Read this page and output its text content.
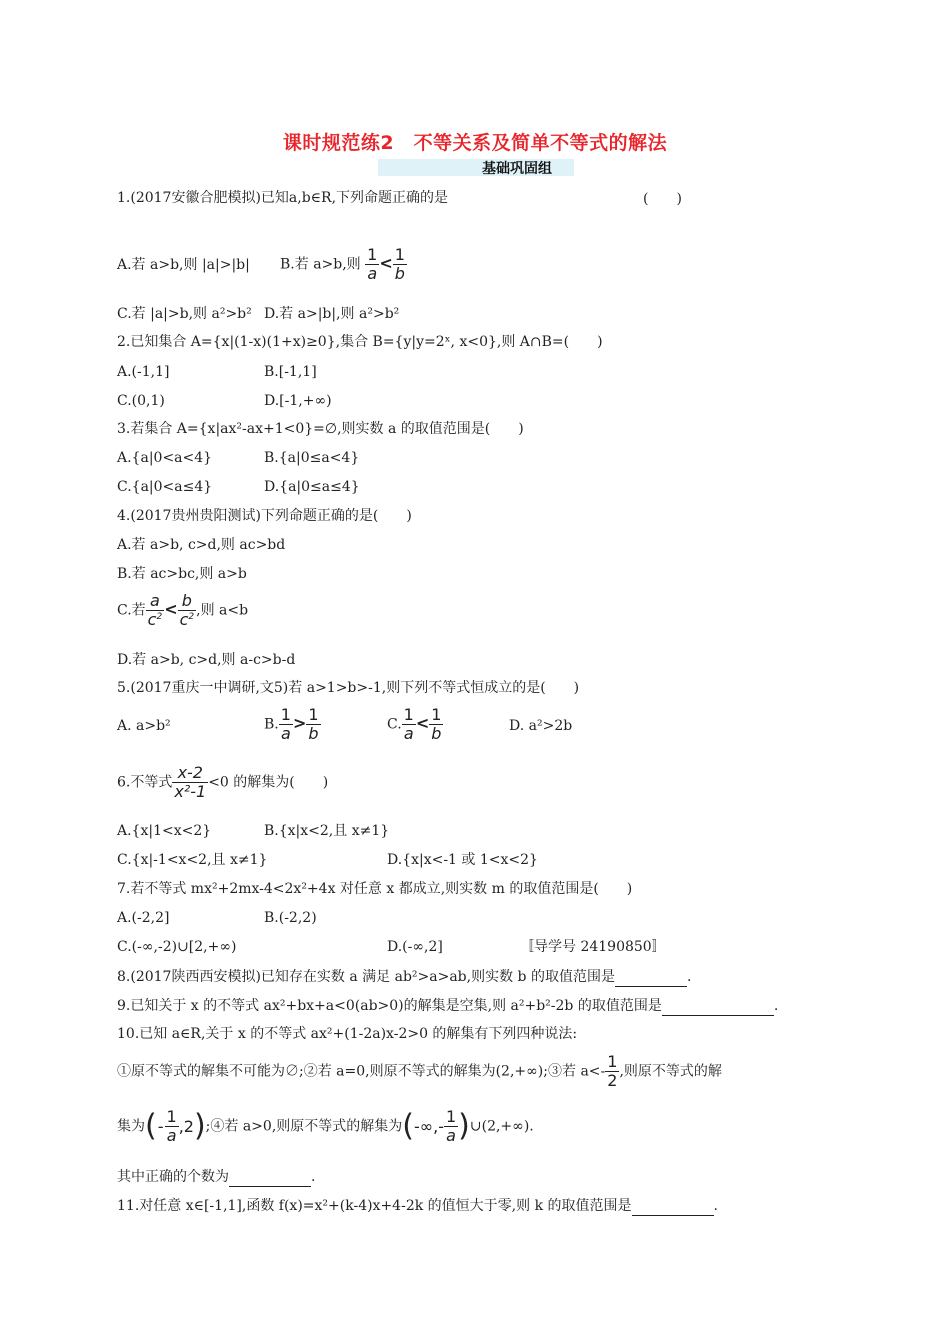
课时规范练2　不等关系及简单不等式的解法
基础巩固组
1.(2017安徽合肥模拟)已知a,b∈R,下列命题正确的是	(　　)
A.若 a>b,则 |a|>|b| B.若 a>b,则 $\frac{1}{a} < \frac{1}{b}$
C.若 |a|>b,则 a²>b² D.若 a>|b|,则 a²>b²
2.已知集合 A={x|(1-x)(1+x)≥0},集合 B={y|y=2ˣ, x<0},则 A∩B=(　　)
A.(-1,1]	B.[-1,1]
C.(0,1)	D.[-1,+∞)
3.若集合 A={x|ax²-ax+1<0}=∅,则实数 a 的取值范围是(　　)
A.{a|0<a<4}	B.{a|0≤a<4}
C.{a|0<a≤4}	D.{a|0≤a≤4}
4.(2017贵州贵阳测试)下列命题正确的是(　　)
A.若 a>b, c>d,则 ac>bd
B.若 ac>bc,则 a>b
C.若 $\frac{a}{c^2} < \frac{b}{c^2}$ ,则 a<b
D.若 a>b, c>d,则 a-c>b-d
5.(2017重庆一中调研,文5)若 a>1>b>-1,则下列不等式恒成立的是(　　)
A. a>b²	B. $\frac{1}{a} > \frac{1}{b}$	C. $\frac{1}{a} < \frac{1}{b}$	D. a²>2b
6.不等式 $\frac{x-2}{\text{x²-1}} <0$ 的解集为(　　)
A.{x|1<x<2}	B.{x|x<2,且 x≠1}
C.{x|-1<x<2,且 x≠1}	D.{x|x<-1 或 1<x<2}
7.若不等式 mx²+2mx-4<2x²+4x 对任意 x 都成立,则实数 m 的取值范围是(　　)
A.(-2,2]	B.(-2,2)
C.(-∞,-2)∪[2,+∞)	D.(-∞,2]	〚导学号 24190850〛
8.(2017陕西西安模拟)已知存在实数 a 满足 ab²>a>ab,则实数 b 的取值范围是	.
9.已知关于 x 的不等式 ax²+bx+a<0(ab>0)的解集是空集,则 a²+b²-2b 的取值范围是	.
10.已知 a∈R,关于 x 的不等式 ax²+(1-2a)x-2>0 的解集有下列四种说法:
①原不等式的解集不可能为∅;②若 a=0,则原不等式的解集为(2,+∞);③若 $a<- \frac{1}{2}$ ,则原不等式的解
集为(- $\frac{1}{a}$ ,2);④若 a>0,则原不等式的解集为(-∞,- $\frac{1}{a}$ )∪(2,+∞).
其中正确的个数为	.
11.对任意 x∈[-1,1],函数 f(x)=x²+(k-4)x+4-2k 的值恒大于零,则 k 的取值范围是	.
